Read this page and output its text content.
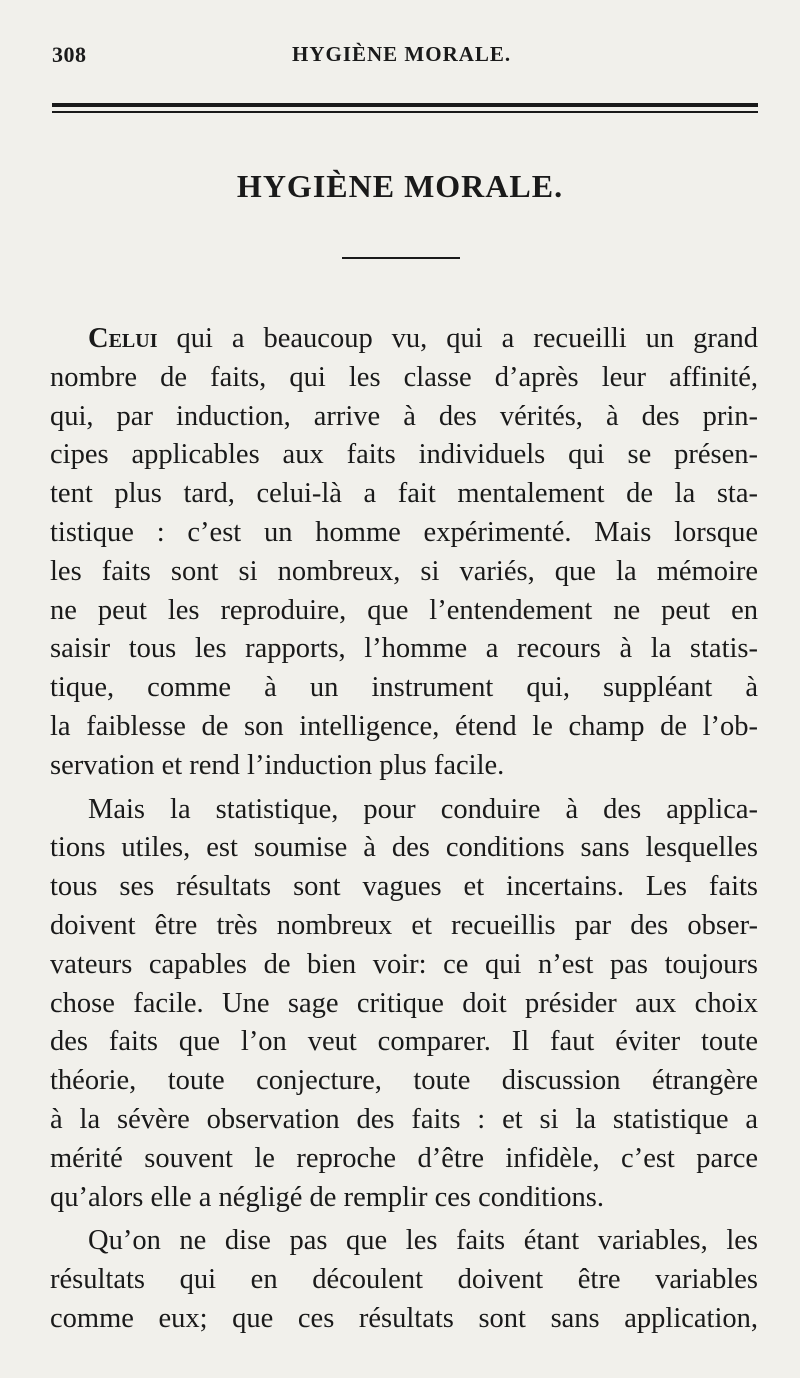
308	HYGIÈNE MORALE.
HYGIÈNE MORALE.
Celui qui a beaucoup vu, qui a recueilli un grand
nombre de faits, qui les classe d’après leur affinité,
qui, par induction, arrive à des vérités, à des prin-
cipes applicables aux faits individuels qui se présen-
tent plus tard, celui-là a fait mentalement de la sta-
tistique : c’est un homme expérimenté. Mais lorsque
les faits sont si nombreux, si variés, que la mémoire
ne peut les reproduire, que l’entendement ne peut en
saisir tous les rapports, l’homme a recours à la statis-
tique, comme à un instrument qui, suppléant à
la faiblesse de son intelligence, étend le champ de l’ob-
servation et rend l’induction plus facile.
Mais la statistique, pour conduire à des applica-
tions utiles, est soumise à des conditions sans lesquelles
tous ses résultats sont vagues et incertains. Les faits
doivent être très nombreux et recueillis par des obser-
vateurs capables de bien voir: ce qui n’est pas toujours
chose facile. Une sage critique doit présider aux choix
des faits que l’on veut comparer. Il faut éviter toute
théorie, toute conjecture, toute discussion étrangère
à la sévère observation des faits : et si la statistique a
mérité souvent le reproche d’être infidèle, c’est parce
qu’alors elle a négligé de remplir ces conditions.
Qu’on ne dise pas que les faits étant variables, les
résultats qui en découlent doivent être variables
comme eux; que ces résultats sont sans application,
